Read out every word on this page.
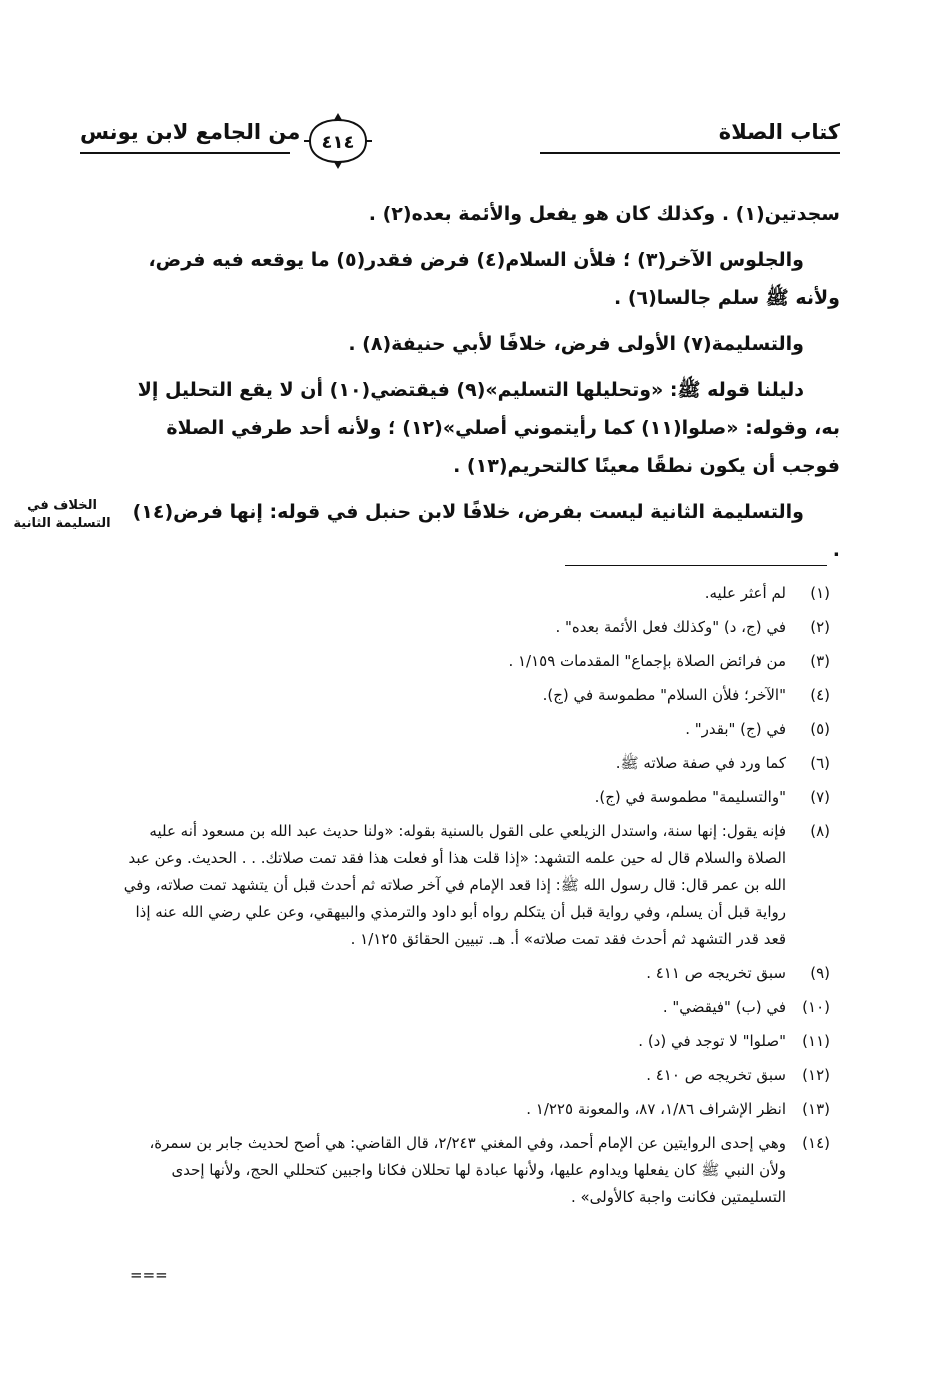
كتاب الصلاة
٤١٤
من الجامع لابن يونس

سجدتين(١) . وكذلك كان هو يفعل والأئمة بعده(٢) .

والجلوس الآخر(٣) ؛ فلأن السلام(٤) فرض فقدر(٥) ما يوقعه فيه فرض، ولأنه ﷺ سلم جالسا(٦) .

والتسليمة(٧) الأولى فرض، خلافًا لأبي حنيفة(٨) .

دليلنا قوله ﷺ: «وتحليلها التسليم»(٩) فيقتضي(١٠) أن لا يقع التحليل إلا به، وقوله: «صلوا(١١) كما رأيتموني أصلي»(١٢) ؛ ولأنه أحد طرفي الصلاة فوجب أن يكون نطقًا معينًا كالتحريم(١٣) .

والتسليمة الثانية ليست بفرض، خلافًا لابن حنبل في قوله: إنها فرض(١٤) .

الخلاف في التسليمة الثانية
(١)
لم أعثر عليه.
(٢)
في (ج، د) "وكذلك فعل الأئمة بعده" .
(٣)
من فرائض الصلاة بإجماع" المقدمات ١/١٥٩ .
(٤)
"الآخر؛ فلأن السلام" مطموسة في (ج).
(٥)
في (ج) "بقدر" .
(٦)
كما ورد في صفة صلاته ﷺ.
(٧)
"والتسليمة" مطموسة في (ج).
(٨)
فإنه يقول: إنها سنة، واستدل الزيلعي على القول بالسنية بقوله: «ولنا حديث عبد الله بن مسعود أنه عليه الصلاة والسلام قال له حين علمه التشهد: «إذا قلت هذا أو فعلت هذا فقد تمت صلاتك. . . الحديث. وعن عبد الله بن عمر قال: قال رسول الله ﷺ: إذا قعد الإمام في آخر صلاته ثم أحدث قبل أن يتشهد تمت صلاته، وفي رواية قبل أن يسلم، وفي رواية قبل أن يتكلم رواه أبو داود والترمذي والبيهقي، وعن علي رضي الله عنه إذا قعد قدر التشهد ثم أحدث فقد تمت صلاته» أ. هـ. تبيين الحقائق ١/١٢٥ .
(٩)
سبق تخريجه ص ٤١١ .
(١٠)
في (ب) "فيقضي" .
(١١)
"صلوا" لا توجد في (د) .
(١٢)
سبق تخريجه ص ٤١٠ .
(١٣)
انظر الإشراف ١/٨٦، ٨٧، والمعونة ١/٢٢٥ .
(١٤)
وهي إحدى الروايتين عن الإمام أحمد، وفي المغني ٢/٢٤٣، قال القاضي: هي أصح لحديث جابر بن سمرة، ولأن النبي ﷺ كان يفعلها ويداوم عليها، ولأنها عبادة لها تحللان فكانا واجبين كتحللي الحج، ولأنها إحدى التسليمتين فكانت واجبة كالأولى» .
===
